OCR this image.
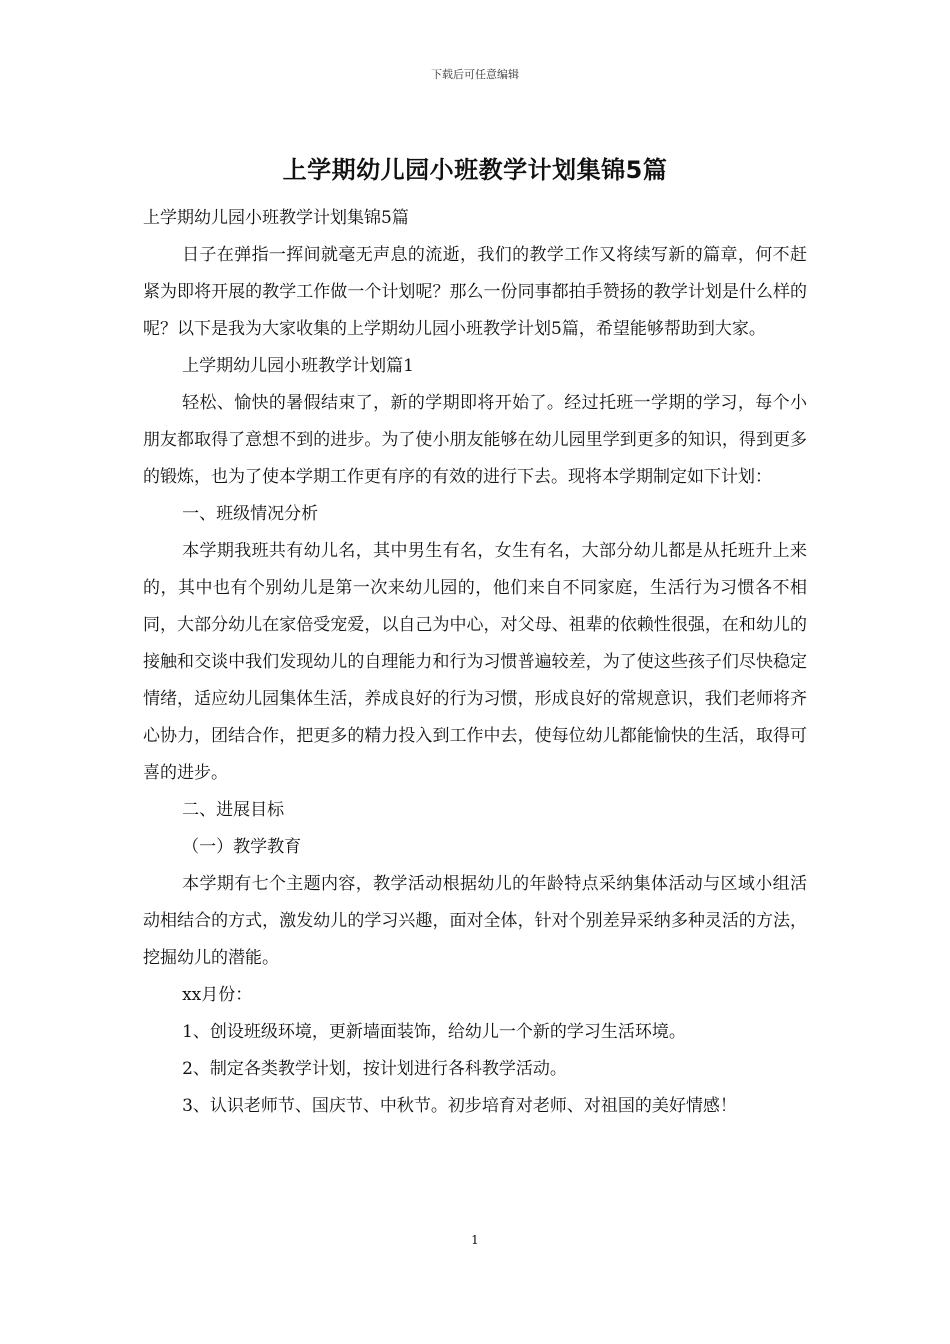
下载后可任意编辑
上学期幼儿园小班教学计划集锦5篇

上学期幼儿园小班教学计划集锦5篇

日子在弹指一挥间就毫无声息的流逝，我们的教学工作又将续写新的篇章，何不赶紧为即将开展的教学工作做一个计划呢？那么一份同事都拍手赞扬的教学计划是什么样的呢？以下是我为大家收集的上学期幼儿园小班教学计划5篇，希望能够帮助到大家。

上学期幼儿园小班教学计划篇1

轻松、愉快的暑假结束了，新的学期即将开始了。经过托班一学期的学习，每个小朋友都取得了意想不到的进步。为了使小朋友能够在幼儿园里学到更多的知识，得到更多的锻炼，也为了使本学期工作更有序的有效的进行下去。现将本学期制定如下计划：

一、班级情况分析

本学期我班共有幼儿名，其中男生有名，女生有名，大部分幼儿都是从托班升上来的，其中也有个别幼儿是第一次来幼儿园的，他们来自不同家庭，生活行为习惯各不相同，大部分幼儿在家倍受宠爱，以自己为中心，对父母、祖辈的依赖性很强，在和幼儿的接触和交谈中我们发现幼儿的自理能力和行为习惯普遍较差，为了使这些孩子们尽快稳定情绪，适应幼儿园集体生活，养成良好的行为习惯，形成良好的常规意识，我们老师将齐心协力，团结合作，把更多的精力投入到工作中去，使每位幼儿都能愉快的生活，取得可喜的进步。

二、进展目标

（一）教学教育

本学期有七个主题内容，教学活动根据幼儿的年龄特点采纳集体活动与区域小组活动相结合的方式，激发幼儿的学习兴趣，面对全体，针对个别差异采纳多种灵活的方法，挖掘幼儿的潜能。

xx月份：

1、创设班级环境，更新墙面装饰，给幼儿一个新的学习生活环境。

2、制定各类教学计划，按计划进行各科教学活动。

3、认识老师节、国庆节、中秋节。初步培育对老师、对祖国的美好情感！

1
